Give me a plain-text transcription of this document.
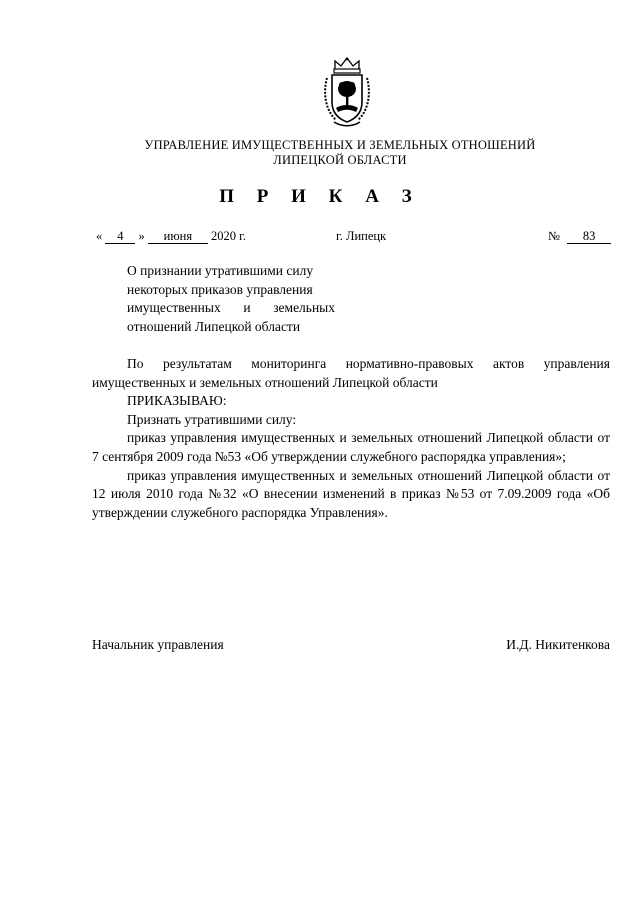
УПРАВЛЕНИЕ ИМУЩЕСТВЕННЫХ И ЗЕМЕЛЬНЫХ ОТНОШЕНИЙ
ЛИПЕЦКОЙ ОБЛАСТИ
П Р И К А З
« 4 » июня 2020 г.	г. Липецк	№ 83
О признании утратившими силу
некоторых приказов управления
имущественных    и    земельных
отношений Липецкой области

По результатам мониторинга нормативно-правовых актов управления имущественных и земельных отношений Липецкой области

ПРИКАЗЫВАЮ:

Признать утратившими силу:

приказ управления имущественных и земельных отношений Липецкой области от 7 сентября 2009 года №53 «Об утверждении служебного распорядка управления»;

приказ управления имущественных и земельных отношений Липецкой области от 12 июля 2010 года №32 «О внесении изменений в приказ №53 от 7.09.2009 года «Об утверждении служебного распорядка Управления».

Начальник управления	И.Д. Никитенкова
